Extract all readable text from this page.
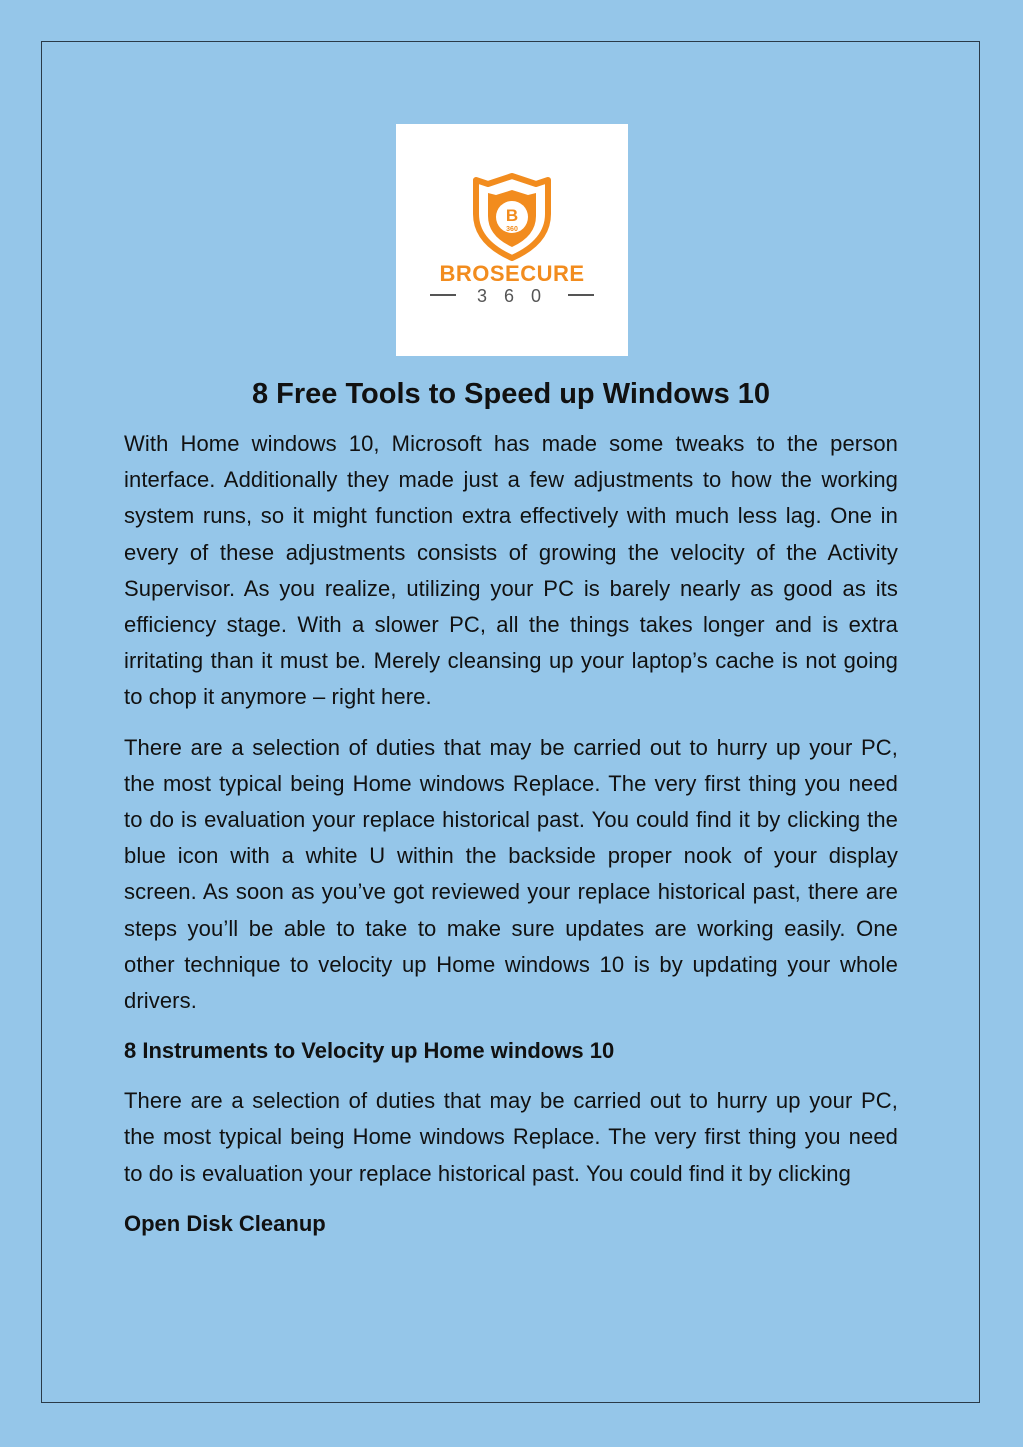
B
360
BROSECURE
3 6 0
8 Free Tools to Speed up Windows 10

With Home windows 10, Microsoft has made some tweaks to the person interface. Additionally they made just a few adjustments to how the working system runs, so it might function extra effectively with much less lag. One in every of these adjustments consists of growing the velocity of the Activity Supervisor. As you realize, utilizing your PC is barely nearly as good as its efficiency stage. With a slower PC, all the things takes longer and is extra irritating than it must be. Merely cleansing up your laptop’s cache is not going to chop it anymore – right here.

There are a selection of duties that may be carried out to hurry up your PC, the most typical being Home windows Replace. The very first thing you need to do is evaluation your replace historical past. You could find it by clicking the blue icon with a white U within the backside proper nook of your display screen. As soon as you’ve got reviewed your replace historical past, there are steps you’ll be able to take to make sure updates are working easily. One other technique to velocity up Home windows 10 is by updating your whole drivers.

8 Instruments to Velocity up Home windows 10

There are a selection of duties that may be carried out to hurry up your PC, the most typical being Home windows Replace. The very first thing you need to do is evaluation your replace historical past. You could find it by clicking

Open Disk Cleanup
